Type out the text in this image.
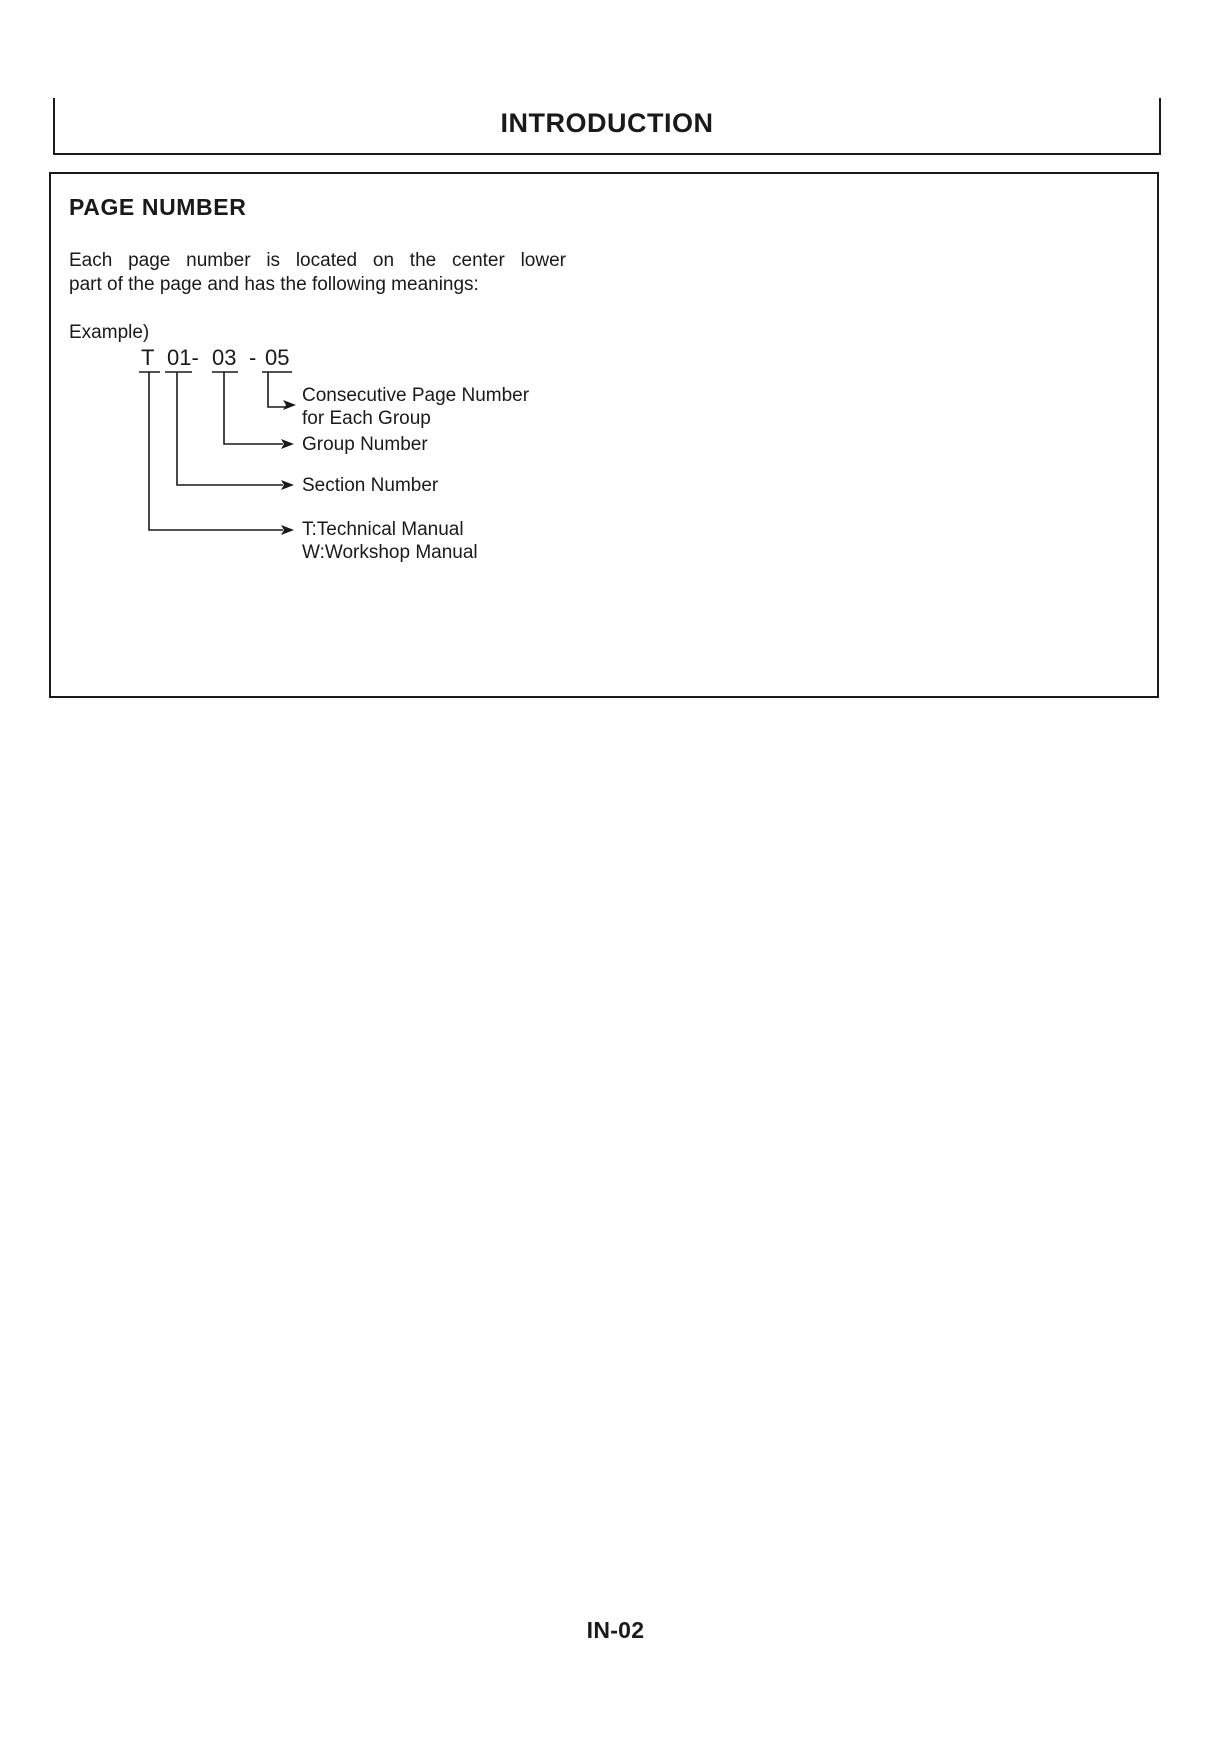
INTRODUCTION
PAGE NUMBER
Each page number is located on the center lower
part of the page and has the following meanings:
Example)
T 01- 03 - 05
Consecutive Page Number
for Each Group
Group Number
Section Number
T:Technical Manual
W:Workshop Manual
IN-02
